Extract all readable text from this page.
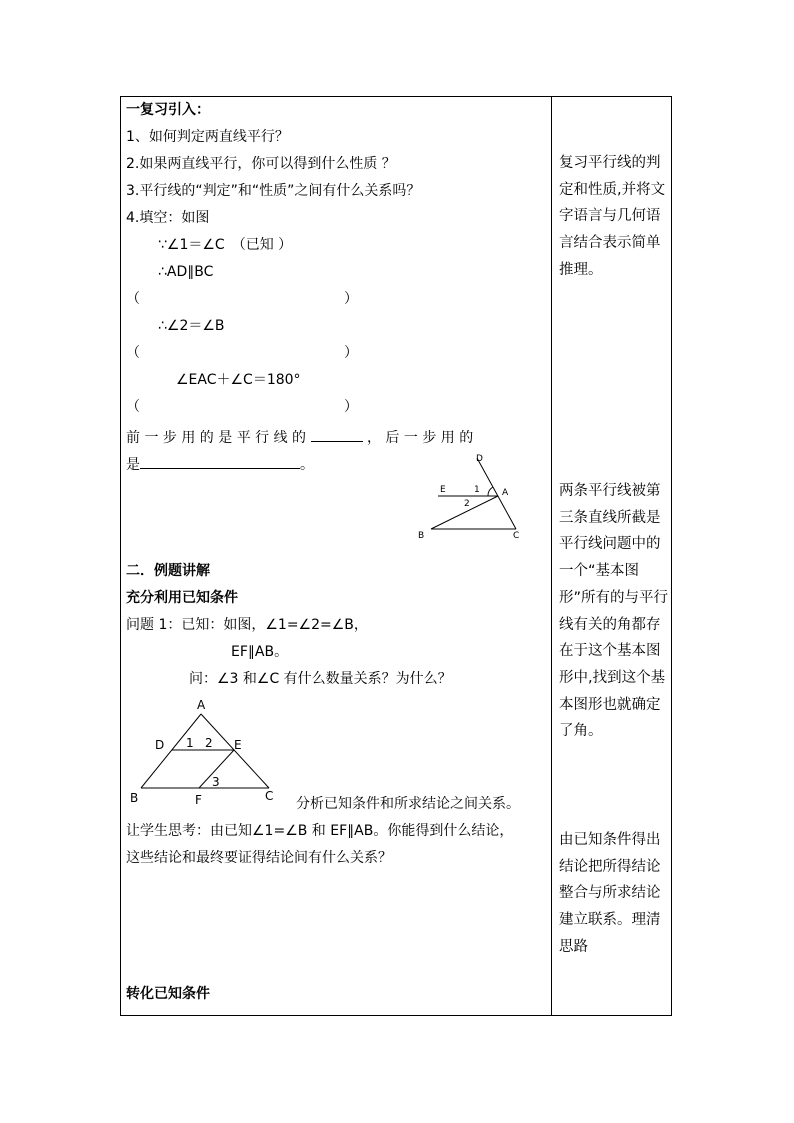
一复习引入：
1、如何判定两直线平行？
2.如果两直线平行，你可以得到什么性质 ？
3.平行线的“判定”和“性质”之间有什么关系吗？
4.填空：如图
∵∠1＝∠C　（已知 ）
∴AD∥BC
（	）
∴∠2＝∠B
（	）
∠EAC＋∠C＝180°
（	）
前 一 步 用 的 是 平 行 线 的	， 后 一 步 用 的
是	。	D
E	1 A
2
B	C
二．例题讲解
充分利用已知条件
问题 1：已知：如图，∠1=∠2=∠B，
EF∥AB。
问：∠3 和∠C 有什么数量关系？为什么？
A
D 1 2 E
3
B	F	C 分析已知条件和所求结论之间关系。
让学生思考：由已知∠1=∠B 和 EF∥AB。你能得到什么结论，
这些结论和最终要证得结论间有什么关系？
转化已知条件
复习平行线的判定和性质,并将文字语言与几何语言结合表示简单推理。
两条平行线被第三条直线所截是平行线问题中的一个“基本图形”所有的与平行线有关的角都存在于这个基本图形中,找到这个基本图形也就确定了角。
由已知条件得出结论把所得结论整合与所求结论建立联系。理清思路
